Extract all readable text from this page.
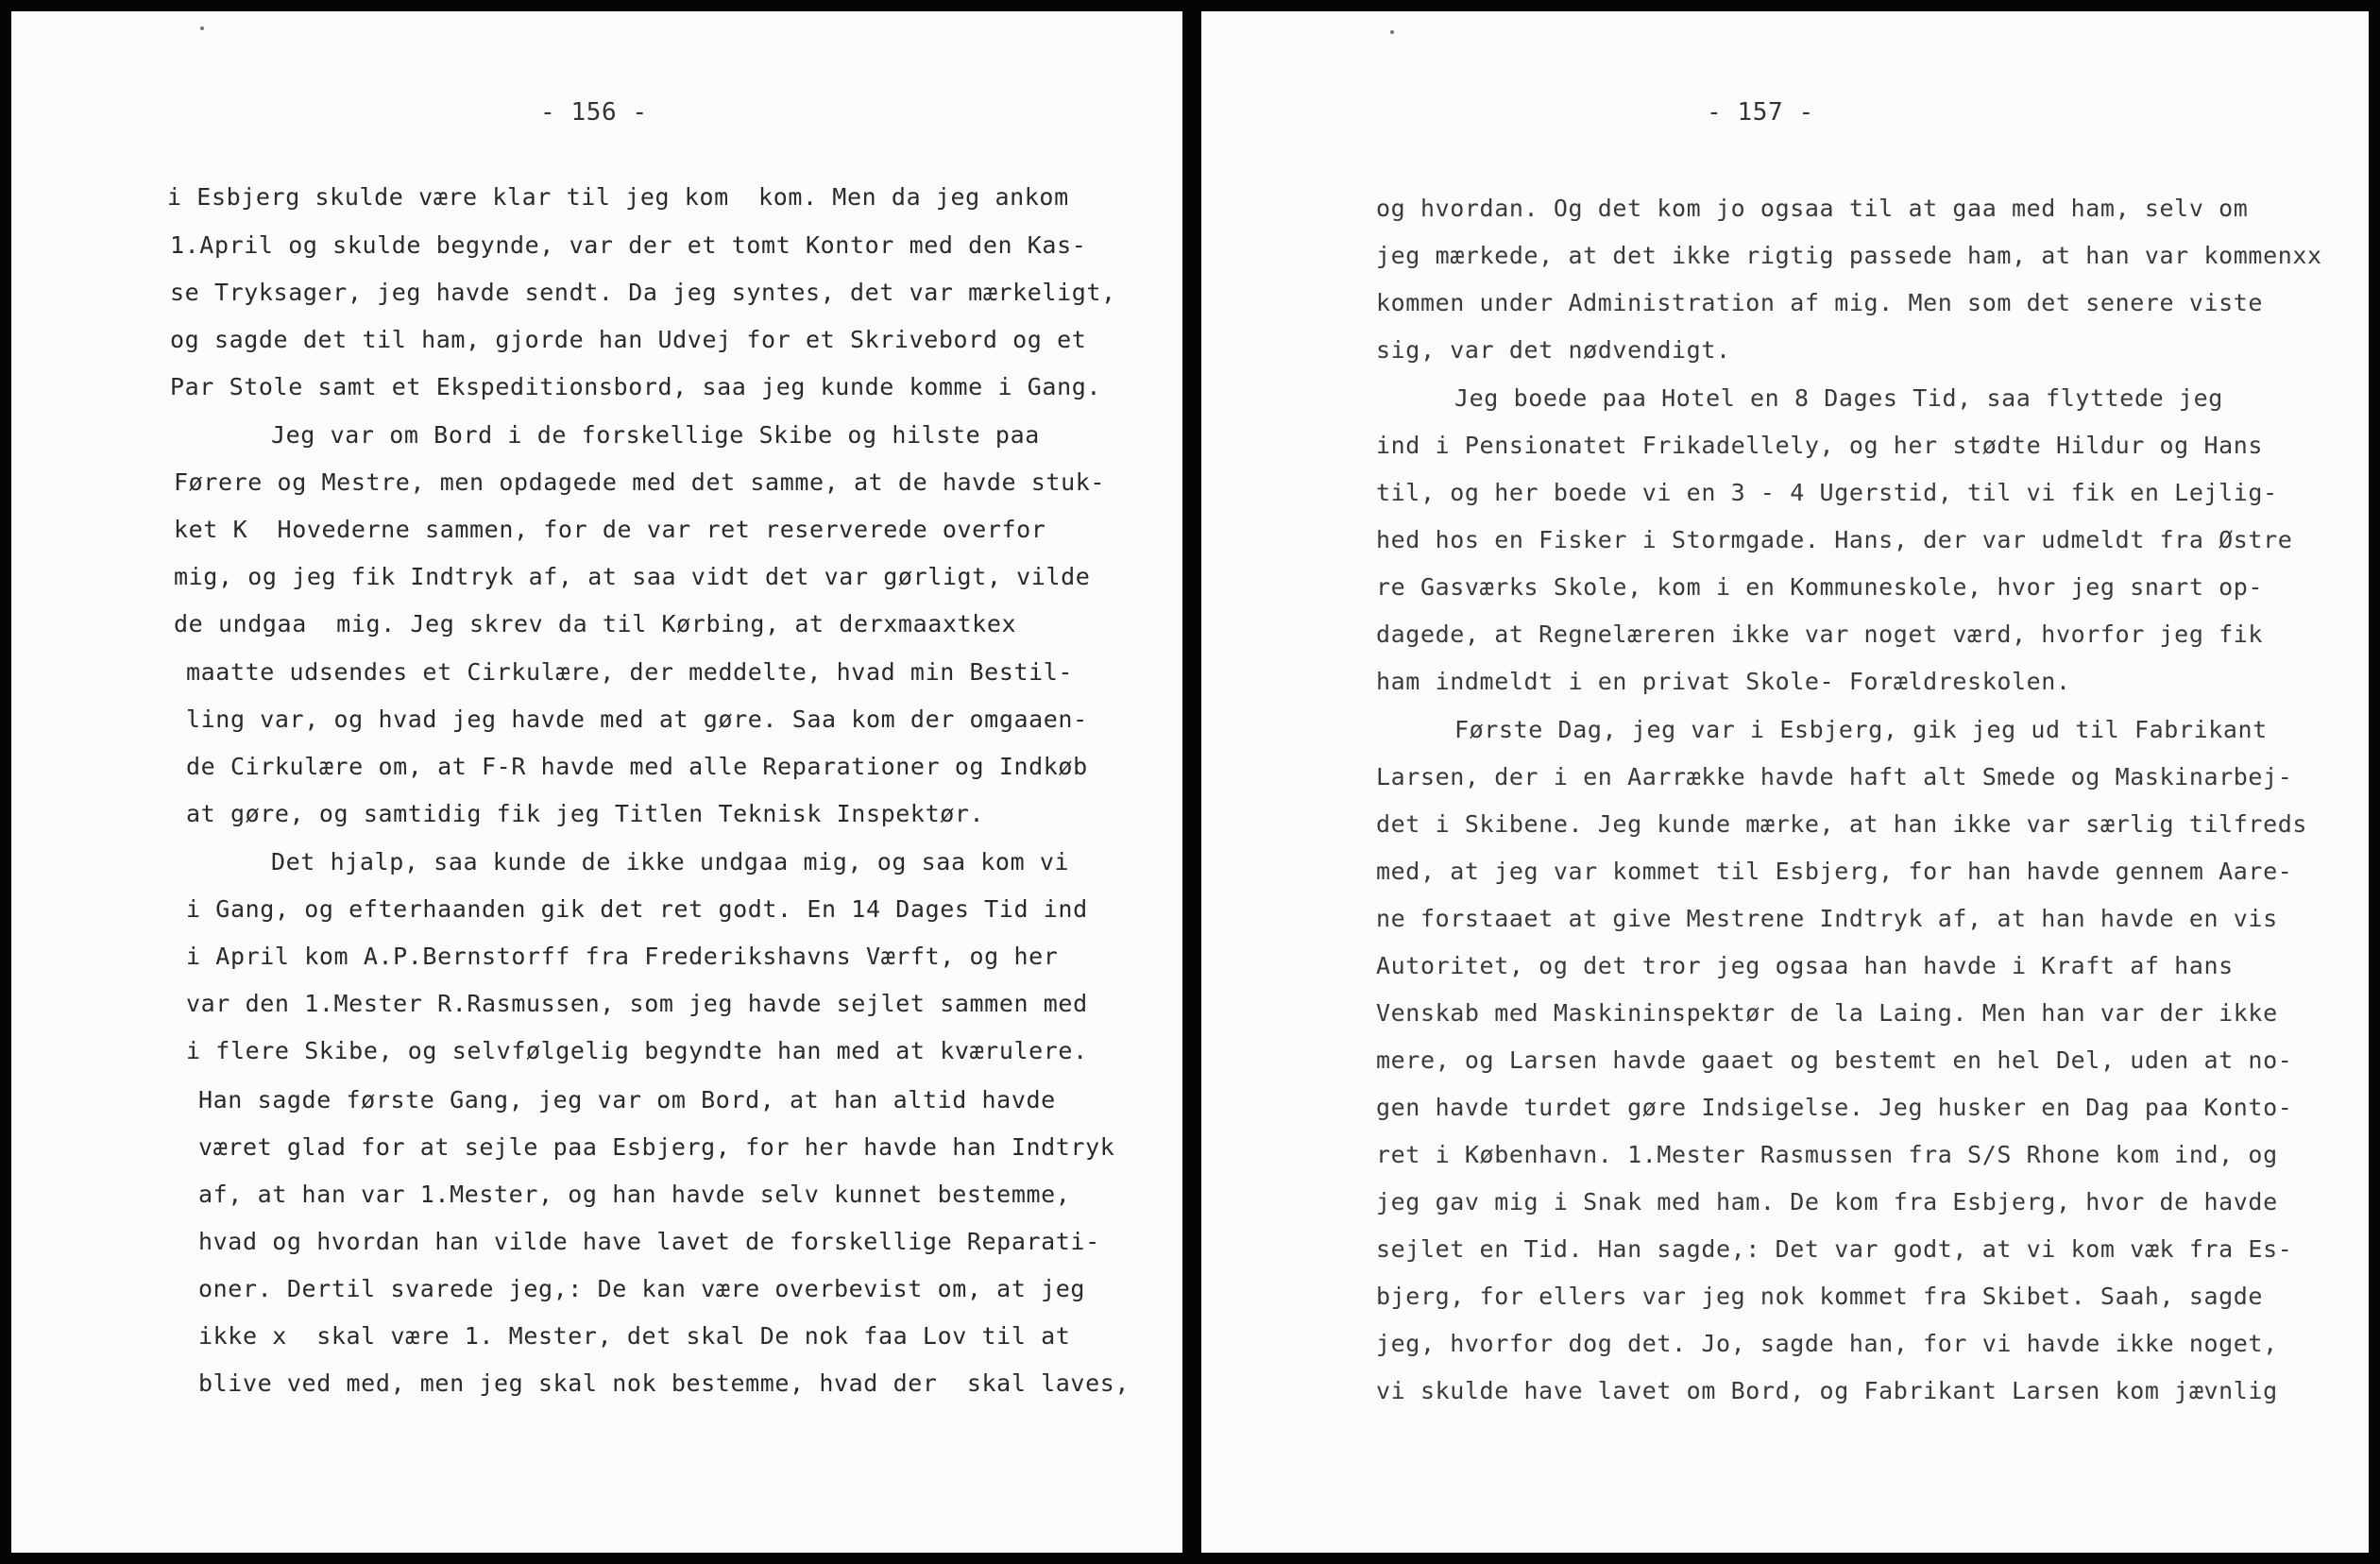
- 156 -
i Esbjerg skulde være klar til jeg kom  kom. Men da jeg ankom
1.April og skulde begynde, var der et tomt Kontor med den Kas-
se Tryksager, jeg havde sendt. Da jeg syntes, det var mærkeligt,
og sagde det til ham, gjorde han Udvej for et Skrivebord og et
Par Stole samt et Ekspeditionsbord, saa jeg kunde komme i Gang.
Jeg var om Bord i de forskellige Skibe og hilste paa
Førere og Mestre, men opdagede med det samme, at de havde stuk-
ket K  Hovederne sammen, for de var ret reserverede overfor
mig, og jeg fik Indtryk af, at saa vidt det var gørligt, vilde
de undgaa  mig. Jeg skrev da til Kørbing, at derxmaaxtkex
maatte udsendes et Cirkulære, der meddelte, hvad min Bestil-
ling var, og hvad jeg havde med at gøre. Saa kom der omgaaen-
de Cirkulære om, at F-R havde med alle Reparationer og Indkøb
at gøre, og samtidig fik jeg Titlen Teknisk Inspektør.
Det hjalp, saa kunde de ikke undgaa mig, og saa kom vi
i Gang, og efterhaanden gik det ret godt. En 14 Dages Tid ind
i April kom A.P.Bernstorff fra Frederikshavns Værft, og her
var den 1.Mester R.Rasmussen, som jeg havde sejlet sammen med
i flere Skibe, og selvfølgelig begyndte han med at kværulere.
Han sagde første Gang, jeg var om Bord, at han altid havde
været glad for at sejle paa Esbjerg, for her havde han Indtryk
af, at han var 1.Mester, og han havde selv kunnet bestemme,
hvad og hvordan han vilde have lavet de forskellige Reparati-
oner. Dertil svarede jeg,: De kan være overbevist om, at jeg
ikke x  skal være 1. Mester, det skal De nok faa Lov til at
blive ved med, men jeg skal nok bestemme, hvad der  skal laves,
- 157 -
og hvordan. Og det kom jo ogsaa til at gaa med ham, selv om
jeg mærkede, at det ikke rigtig passede ham, at han var kommenxx
kommen under Administration af mig. Men som det senere viste
sig, var det nødvendigt.
Jeg boede paa Hotel en 8 Dages Tid, saa flyttede jeg
ind i Pensionatet Frikadellely, og her stødte Hildur og Hans
til, og her boede vi en 3 - 4 Ugerstid, til vi fik en Lejlig-
hed hos en Fisker i Stormgade. Hans, der var udmeldt fra Østre
re Gasværks Skole, kom i en Kommuneskole, hvor jeg snart op-
dagede, at Regnelæreren ikke var noget værd, hvorfor jeg fik
ham indmeldt i en privat Skole- Forældreskolen.
Første Dag, jeg var i Esbjerg, gik jeg ud til Fabrikant
Larsen, der i en Aarrække havde haft alt Smede og Maskinarbej-
det i Skibene. Jeg kunde mærke, at han ikke var særlig tilfreds
med, at jeg var kommet til Esbjerg, for han havde gennem Aare-
ne forstaaet at give Mestrene Indtryk af, at han havde en vis
Autoritet, og det tror jeg ogsaa han havde i Kraft af hans
Venskab med Maskininspektør de la Laing. Men han var der ikke
mere, og Larsen havde gaaet og bestemt en hel Del, uden at no-
gen havde turdet gøre Indsigelse. Jeg husker en Dag paa Konto-
ret i København. 1.Mester Rasmussen fra S/S Rhone kom ind, og
jeg gav mig i Snak med ham. De kom fra Esbjerg, hvor de havde
sejlet en Tid. Han sagde,: Det var godt, at vi kom væk fra Es-
bjerg, for ellers var jeg nok kommet fra Skibet. Saah, sagde
jeg, hvorfor dog det. Jo, sagde han, for vi havde ikke noget,
vi skulde have lavet om Bord, og Fabrikant Larsen kom jævnlig
